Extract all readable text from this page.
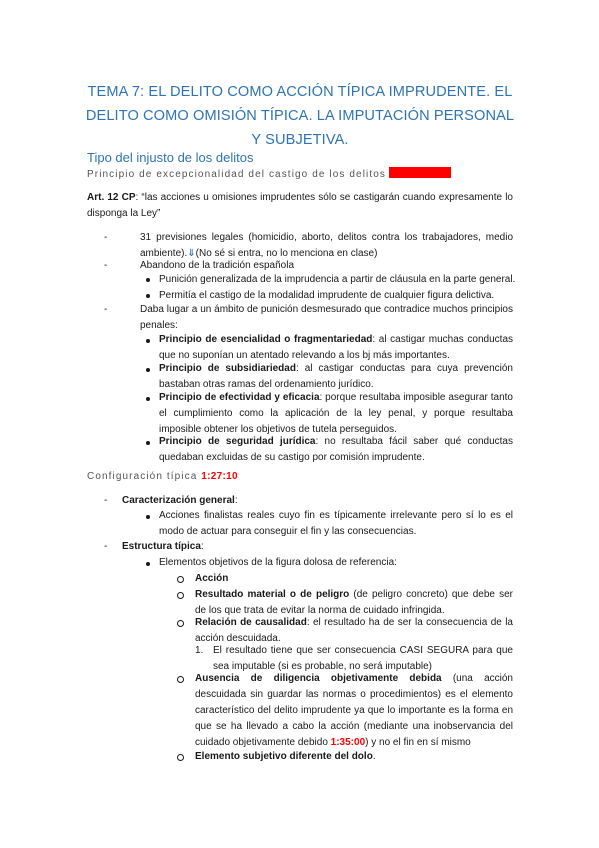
TEMA 7: EL DELITO COMO ACCIÓN TÍPICA IMPRUDENTE. EL DELITO COMO OMISIÓN TÍPICA. LA IMPUTACIÓN PERSONAL Y SUBJETIVA.
Tipo del injusto de los delitos
Principio de excepcionalidad del castigo de los delitos
Art. 12 CP: “las acciones u omisiones imprudentes sólo se castigarán cuando expresamente lo disponga la Ley”
-	31 previsiones legales (homicidio, aborto, delitos contra los trabajadores, medio ambiente).⇓(No sé si entra, no lo menciona en clase)
-	Abandono de la tradición española
Punición generalizada de la imprudencia a partir de cláusula en la parte general.
Permitía el castigo de la modalidad imprudente de cualquier figura delictiva.
-	Daba lugar a un ámbito de punición desmesurado que contradice muchos principios penales:
Principio de esencialidad o fragmentariedad: al castigar muchas conductas que no suponían un atentado relevando a los bj más importantes.
Principio de subsidiariedad: al castigar conductas para cuya prevención bastaban otras ramas del ordenamiento jurídico.
Principio de efectividad y eficacia: porque resultaba imposible asegurar tanto el cumplimiento como la aplicación de la ley penal, y porque resultaba imposible obtener los objetivos de tutela perseguidos.
Principio de seguridad jurídica: no resultaba fácil saber qué conductas quedaban excluidas de su castigo por comisión imprudente.
Configuración típica 1:27:10
- Caracterización general:
Acciones finalistas reales cuyo fin es típicamente irrelevante pero sí lo es el modo de actuar para conseguir el fin y las consecuencias.
- Estructura típica:
Elementos objetivos de la figura dolosa de referencia:
Acción
Resultado material o de peligro (de peligro concreto) que debe ser de los que trata de evitar la norma de cuidado infringida.
Relación de causalidad: el resultado ha de ser la consecuencia de la acción descuidada.
1. El resultado tiene que ser consecuencia CASI SEGURA para que sea imputable (si es probable, no será imputable)
Ausencia de diligencia objetivamente debida (una acción descuidada sin guardar las normas o procedimientos) es el elemento característico del delito imprudente ya que lo importante es la forma en que se ha llevado a cabo la acción (mediante una inobservancia del cuidado objetivamente debido 1:35:00) y no el fin en sí mismo
Elemento subjetivo diferente del dolo.
